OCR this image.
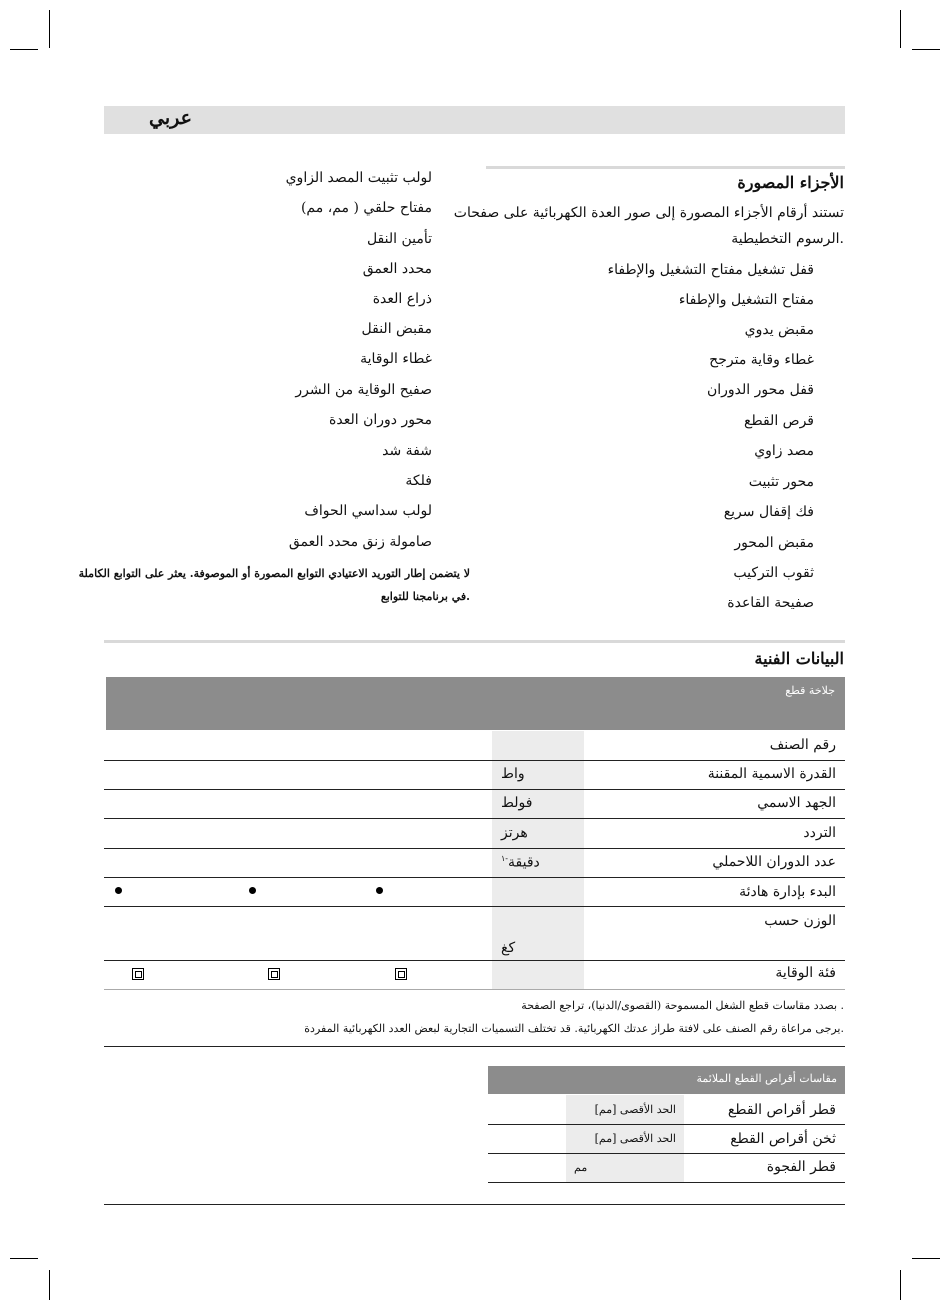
عربي
الأجزاء المصورة
تستند أرقام الأجزاء المصورة إلى صور العدة الكهربائية على صفحات
الرسوم التخطيطية.
قفل تشغيل مفتاح التشغيل والإطفاء
مفتاح التشغيل والإطفاء
مقبض يدوي
غطاء وقاية مترجح
قفل محور الدوران
قرص القطع
مصد زاوي
محور تثبيت
فك إقفال سريع
مقبض المحور
ثقوب التركيب
صفيحة القاعدة
لولب تثبيت المصد الزاوي
مفتاح حلقي ( مم، مم)
تأمين النقل
محدد العمق
ذراع العدة
مقبض النقل
غطاء الوقاية
صفيح الوقاية من الشرر
محور دوران العدة
شفة شد
فلكة
لولب سداسي الحواف
صامولة زنق محدد العمق
لا يتضمن إطار التوريد الاعتيادي التوابع المصورة أو الموصوفة. يعثر على التوابع الكاملة
في برنامجنا للتوابع.
البيانات الفنية
جلاخة قطع
رقم الصنف
القدرة الاسمية المقننة
واط
الجهد الاسمي
فولط
التردد
هرتز
عدد الدوران اللاحملي
دقيقة$^{-١}$
البدء بإدارة هادئة
الوزن حسب
كغ
فئة الوقاية
بصدد مقاسات قطع الشغل المسموحة (القصوى/الدنيا)، تراجع الصفحة .
يرجى مراعاة رقم الصنف على لافتة طراز عدتك الكهربائية. قد تختلف التسميات التجارية لبعض العدد الكهربائية المفردة.
مقاسات أقراص القطع الملائمة
قطر أقراص القطع
الحد الأقصى [مم]
ثخن أقراص القطع
الحد الأقصى [مم]
قطر الفجوة
مم
